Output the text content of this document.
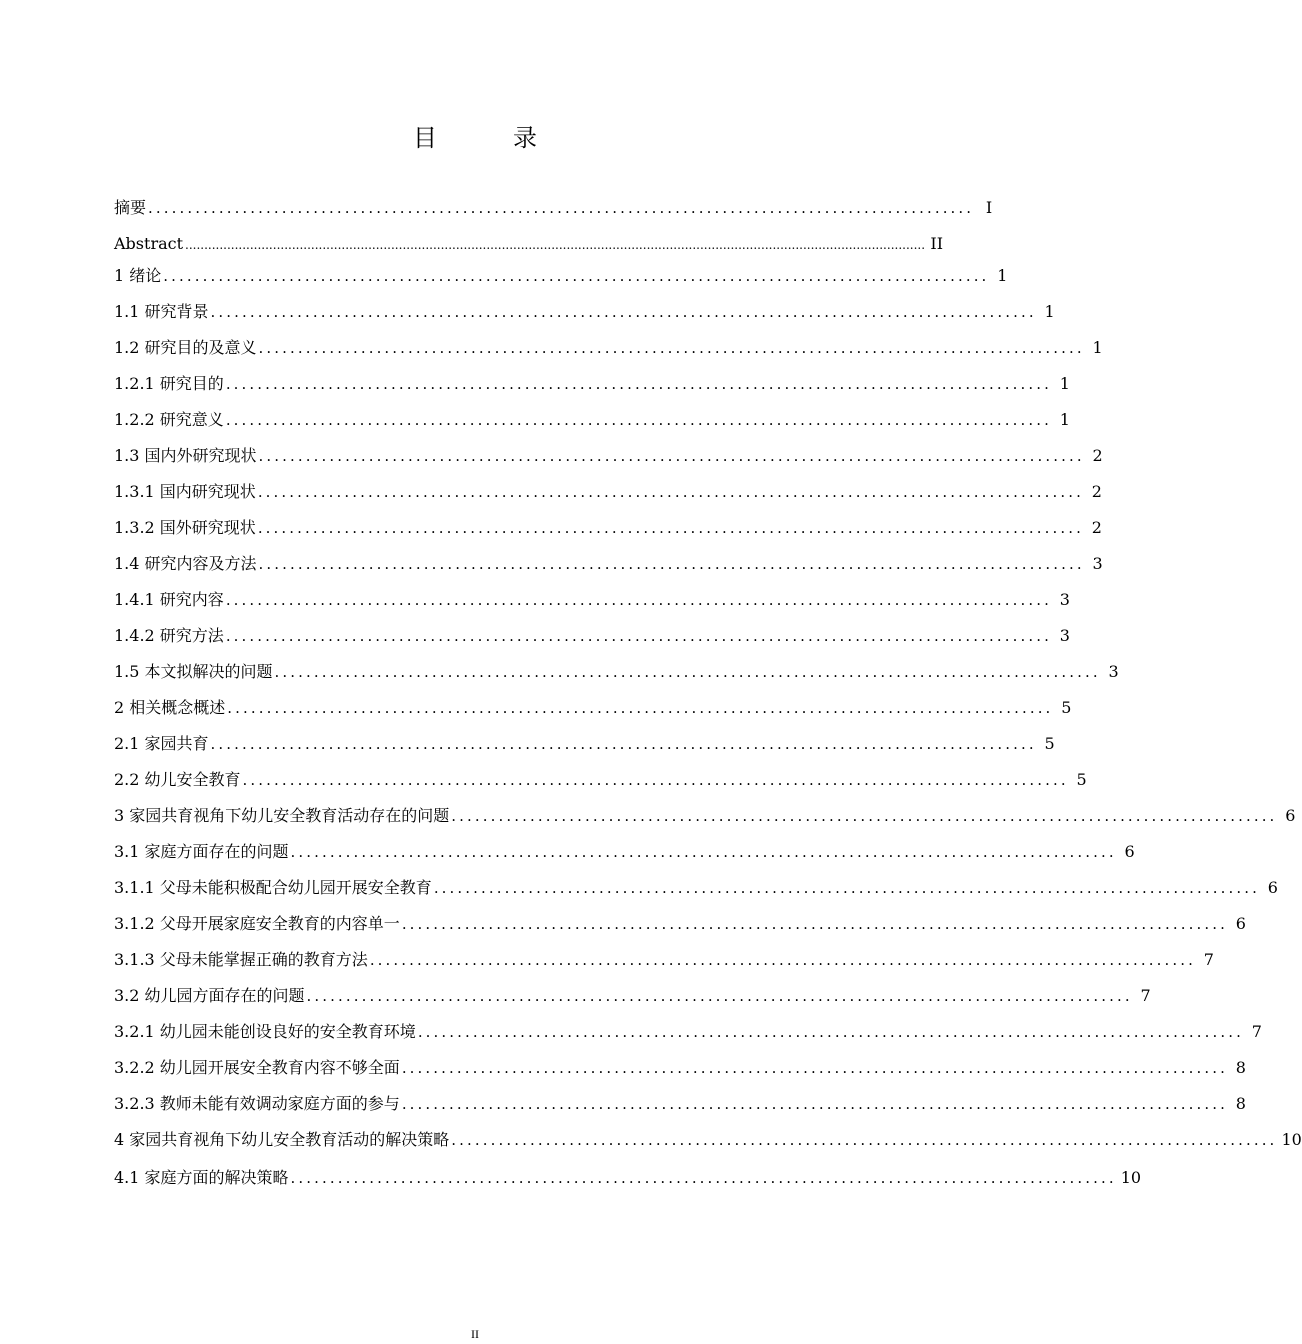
目　录
摘要 ......................................................................................................... I
Abstract .................................................................................................................................................................................................. II
1 绪论 ......................................................................................................... 1
1.1 研究背景 ......................................................................................................... 1
1.2 研究目的及意义 ......................................................................................................... 1
1.2.1 研究目的 ......................................................................................................... 1
1.2.2 研究意义 ......................................................................................................... 1
1.3 国内外研究现状 ......................................................................................................... 2
1.3.1 国内研究现状 ......................................................................................................... 2
1.3.2 国外研究现状 ......................................................................................................... 2
1.4 研究内容及方法 ......................................................................................................... 3
1.4.1 研究内容 ......................................................................................................... 3
1.4.2 研究方法 ......................................................................................................... 3
1.5 本文拟解决的问题 ......................................................................................................... 3
2 相关概念概述 ......................................................................................................... 5
2.1 家园共育 ......................................................................................................... 5
2.2 幼儿安全教育 ......................................................................................................... 5
3 家园共育视角下幼儿安全教育活动存在的问题 ......................................................................................................... 6
3.1 家庭方面存在的问题 ......................................................................................................... 6
3.1.1 父母未能积极配合幼儿园开展安全教育 ......................................................................................................... 6
3.1.2 父母开展家庭安全教育的内容单一 ......................................................................................................... 6
3.1.3 父母未能掌握正确的教育方法 ......................................................................................................... 7
3.2 幼儿园方面存在的问题 ......................................................................................................... 7
3.2.1 幼儿园未能创设良好的安全教育环境 ......................................................................................................... 7
3.2.2 幼儿园开展安全教育内容不够全面 ......................................................................................................... 8
3.2.3 教师未能有效调动家庭方面的参与 ......................................................................................................... 8
4 家园共育视角下幼儿安全教育活动的解决策略 ......................................................................................................... 10
4.1 家庭方面的解决策略 ......................................................................................................... 10
II
